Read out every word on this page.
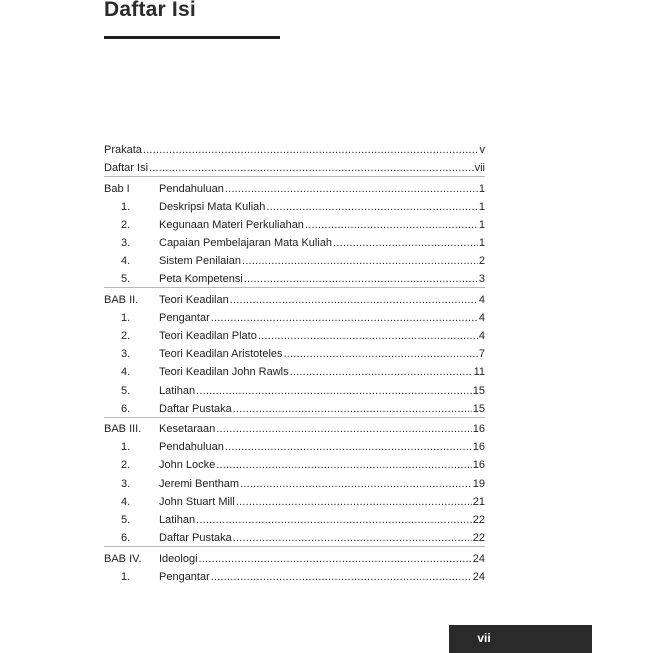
Daftar Isi
Prakata .....	v
Daftar Isi .....	vii
Bab I	Pendahuluan .....	1
1.	Deskripsi Mata Kuliah .....	1
2.	Kegunaan Materi Perkuliahan .....	1
3.	Capaian Pembelajaran Mata Kuliah .....	1
4.	Sistem Penilaian .....	2
5.	Peta Kompetensi .....	3
BAB II.	Teori Keadilan .....	4
1.	Pengantar .....	4
2.	Teori Keadilan Plato .....	4
3.	Teori Keadilan Aristoteles .....	7
4.	Teori Keadilan John Rawls .....	11
5.	Latihan .....	15
6.	Daftar Pustaka .....	15
BAB III.	Kesetaraan .....	16
1.	Pendahuluan .....	16
2.	John Locke .....	16
3.	Jeremi Bentham .....	19
4.	John Stuart Mill .....	21
5.	Latihan .....	22
6.	Daftar Pustaka .....	22
BAB IV.	Ideologi .....	24
1.	Pengantar .....	24
vii
